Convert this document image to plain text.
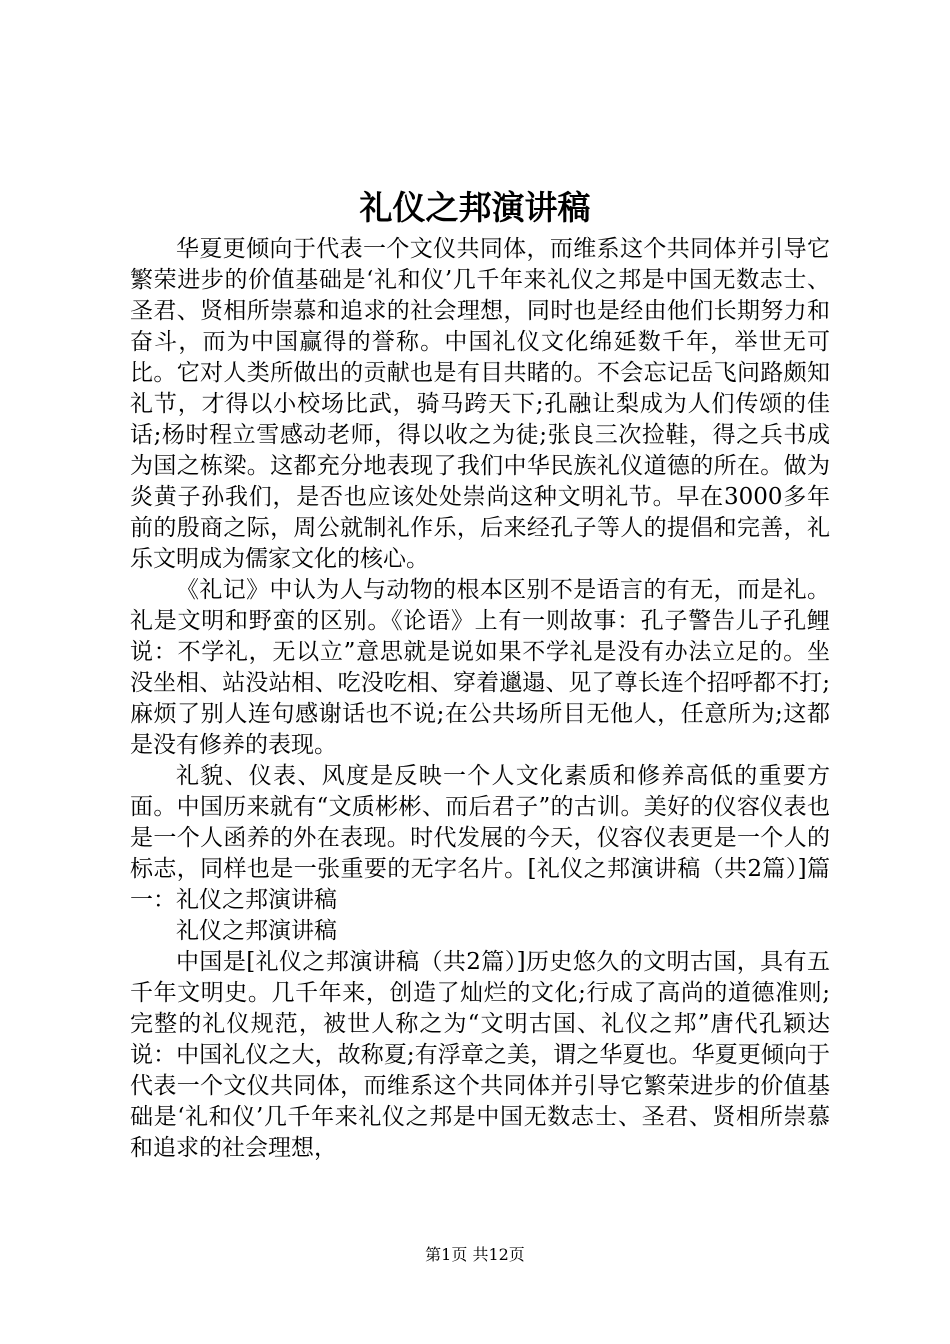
礼仪之邦演讲稿

华夏更倾向于代表一个文仪共同体，而维系这个共同体并引导它繁荣进步的价值基础是‘礼和仪’几千年来礼仪之邦是中国无数志士、圣君、贤相所崇慕和追求的社会理想，同时也是经由他们长期努力和奋斗，而为中国赢得的誉称。中国礼仪文化绵延数千年，举世无可比。它对人类所做出的贡献也是有目共睹的。不会忘记岳飞问路颇知礼节，才得以小校场比武，骑马跨天下;孔融让梨成为人们传颂的佳话;杨时程立雪感动老师，得以收之为徒;张良三次捡鞋，得之兵书成为国之栋梁。这都充分地表现了我们中华民族礼仪道德的所在。做为炎黄子孙我们，是否也应该处处崇尚这种文明礼节。早在3000多年前的殷商之际，周公就制礼作乐，后来经孔子等人的提倡和完善，礼乐文明成为儒家文化的核心。

《礼记》中认为人与动物的根本区别不是语言的有无，而是礼。礼是文明和野蛮的区别。《论语》上有一则故事：孔子警告儿子孔鲤说：不学礼，无以立”意思就是说如果不学礼是没有办法立足的。坐没坐相、站没站相、吃没吃相、穿着邋遢、见了尊长连个招呼都不打;麻烦了别人连句感谢话也不说;在公共场所目无他人，任意所为;这都是没有修养的表现。

礼貌、仪表、风度是反映一个人文化素质和修养高低的重要方面。中国历来就有“文质彬彬、而后君子”的古训。美好的仪容仪表也是一个人函养的外在表现。时代发展的今天，仪容仪表更是一个人的标志，同样也是一张重要的无字名片。[礼仪之邦演讲稿（共2篇）]篇一：礼仪之邦演讲稿

礼仪之邦演讲稿

中国是[礼仪之邦演讲稿（共2篇）]历史悠久的文明古国，具有五千年文明史。几千年来，创造了灿烂的文化;行成了高尚的道德准则;完整的礼仪规范，被世人称之为“文明古国、礼仪之邦”唐代孔颖达说：中国礼仪之大，故称夏;有浮章之美，谓之华夏也。华夏更倾向于代表一个文仪共同体，而维系这个共同体并引导它繁荣进步的价值基础是‘礼和仪’几千年来礼仪之邦是中国无数志士、圣君、贤相所崇慕和追求的社会理想，

第1页 共12页
